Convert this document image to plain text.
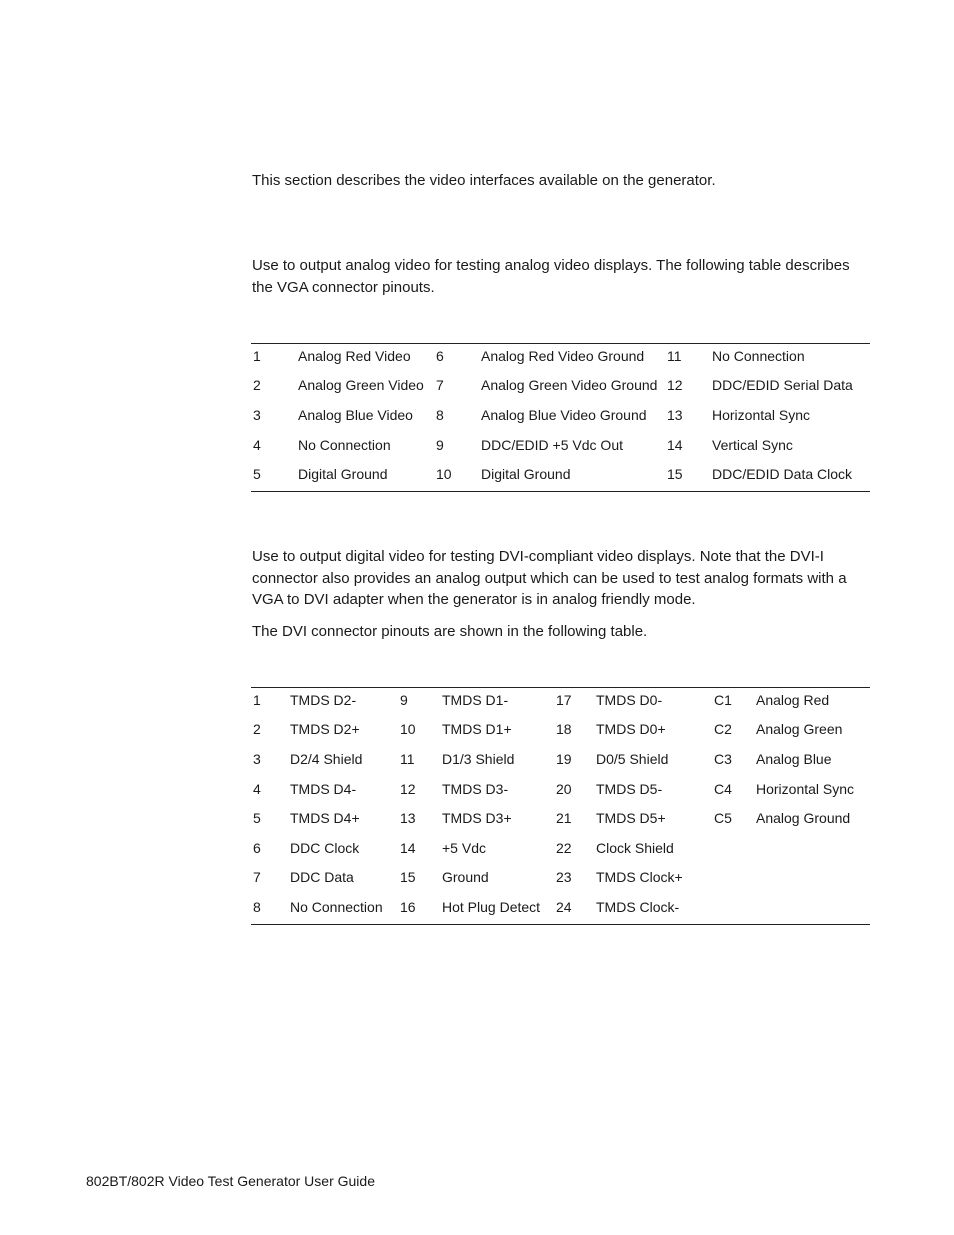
This section describes the video interfaces available on the generator.

Use to output analog video for testing analog video displays. The following table describes the VGA connector pinouts.

1	Analog Red Video	6	Analog Red Video Ground	11	No Connection
2	Analog Green Video	7	Analog Green Video Ground	12	DDC/EDID Serial Data
3	Analog Blue Video	8	Analog Blue Video Ground	13	Horizontal Sync
4	No Connection	9	DDC/EDID +5 Vdc Out	14	Vertical Sync
5	Digital Ground	10	Digital Ground	15	DDC/EDID Data Clock

Use to output digital video for testing DVI-compliant video displays. Note that the DVI-I connector also provides an analog output which can be used to test analog formats with a VGA to DVI adapter when the generator is in analog friendly mode.

The DVI connector pinouts are shown in the following table.

1	TMDS D2-	9	TMDS D1-	17	TMDS D0-	C1	Analog Red
2	TMDS D2+	10	TMDS D1+	18	TMDS D0+	C2	Analog Green
3	D2/4 Shield	11	D1/3 Shield	19	D0/5 Shield	C3	Analog Blue
4	TMDS D4-	12	TMDS D3-	20	TMDS D5-	C4	Horizontal Sync
5	TMDS D4+	13	TMDS D3+	21	TMDS D5+	C5	Analog Ground
6	DDC Clock	14	+5 Vdc	22	Clock Shield		
7	DDC Data	15	Ground	23	TMDS Clock+		
8	No Connection	16	Hot Plug Detect	24	TMDS Clock-		

802BT/802R Video Test Generator User Guide
